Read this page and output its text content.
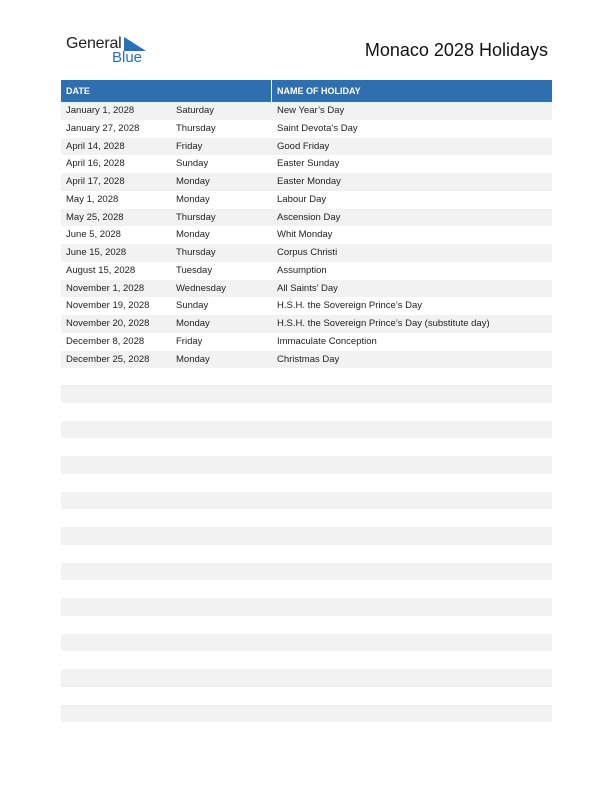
General
Blue	Monaco 2028 Holidays
DATE	NAME OF HOLIDAY
January 1, 2028	Saturday	New Year’s Day
January 27, 2028	Thursday	Saint Devota’s Day
April 14, 2028	Friday	Good Friday
April 16, 2028	Sunday	Easter Sunday
April 17, 2028	Monday	Easter Monday
May 1, 2028	Monday	Labour Day
May 25, 2028	Thursday	Ascension Day
June 5, 2028	Monday	Whit Monday
June 15, 2028	Thursday	Corpus Christi
August 15, 2028	Tuesday	Assumption
November 1, 2028	Wednesday	All Saints’ Day
November 19, 2028	Sunday	H.S.H. the Sovereign Prince’s Day
November 20, 2028	Monday	H.S.H. the Sovereign Prince’s Day (substitute day)
December 8, 2028	Friday	Immaculate Conception
December 25, 2028	Monday	Christmas Day
